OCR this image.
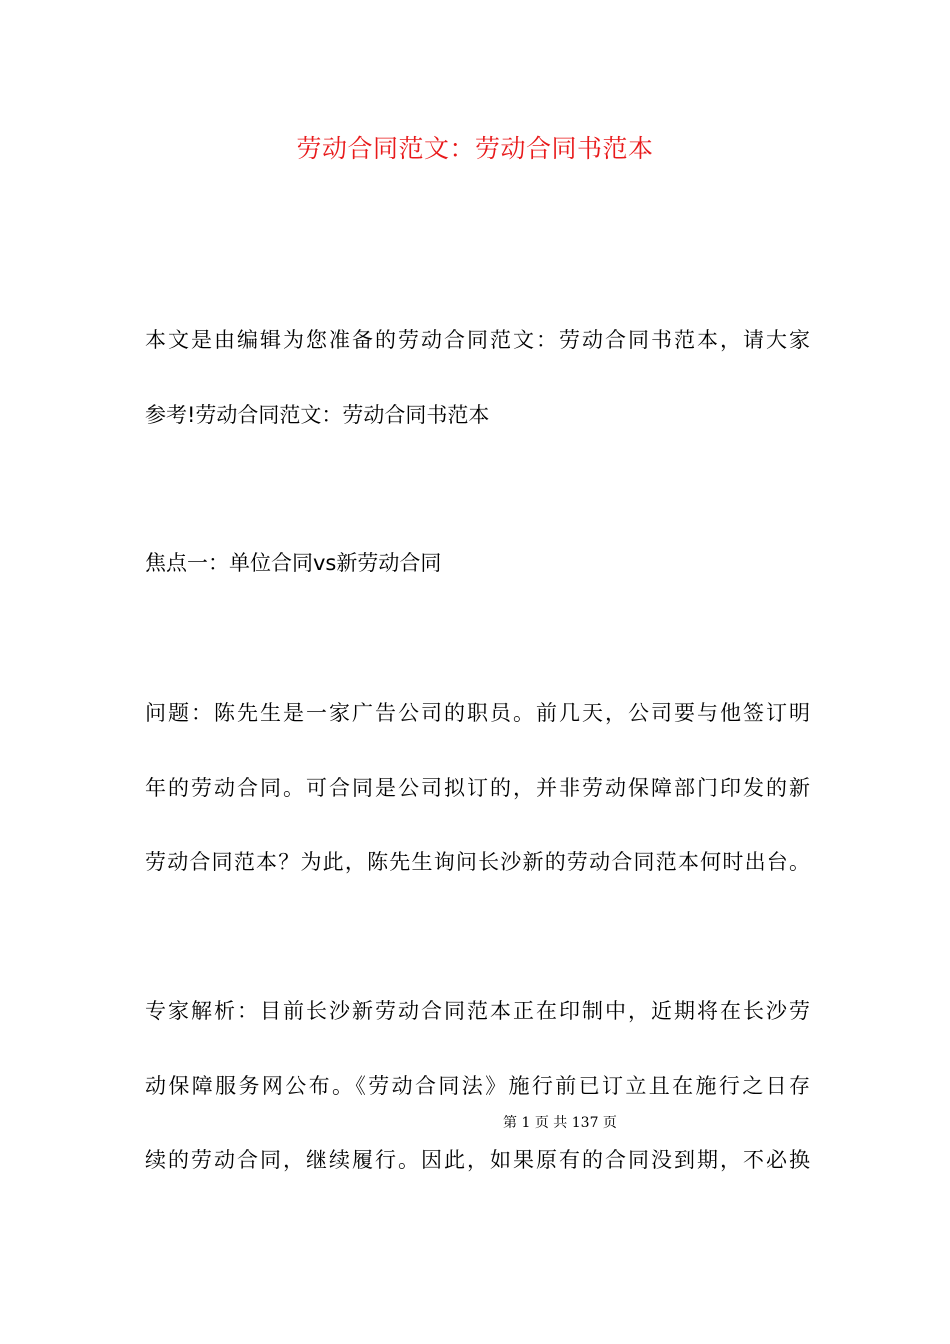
劳动合同范文：劳动合同书范本
本文是由编辑为您准备的劳动合同范文：劳动合同书范本，请大家
参考!劳动合同范文：劳动合同书范本
焦点一：单位合同vs新劳动合同
问题：陈先生是一家广告公司的职员。前几天，公司要与他签订明
年的劳动合同。可合同是公司拟订的，并非劳动保障部门印发的新
劳动合同范本？为此，陈先生询问长沙新的劳动合同范本何时出台。
专家解析：目前长沙新劳动合同范本正在印制中，近期将在长沙劳
动保障服务网公布。《劳动合同法》施行前已订立且在施行之日存
第 1 页 共 137 页
续的劳动合同，继续履行。因此，如果原有的合同没到期，不必换
